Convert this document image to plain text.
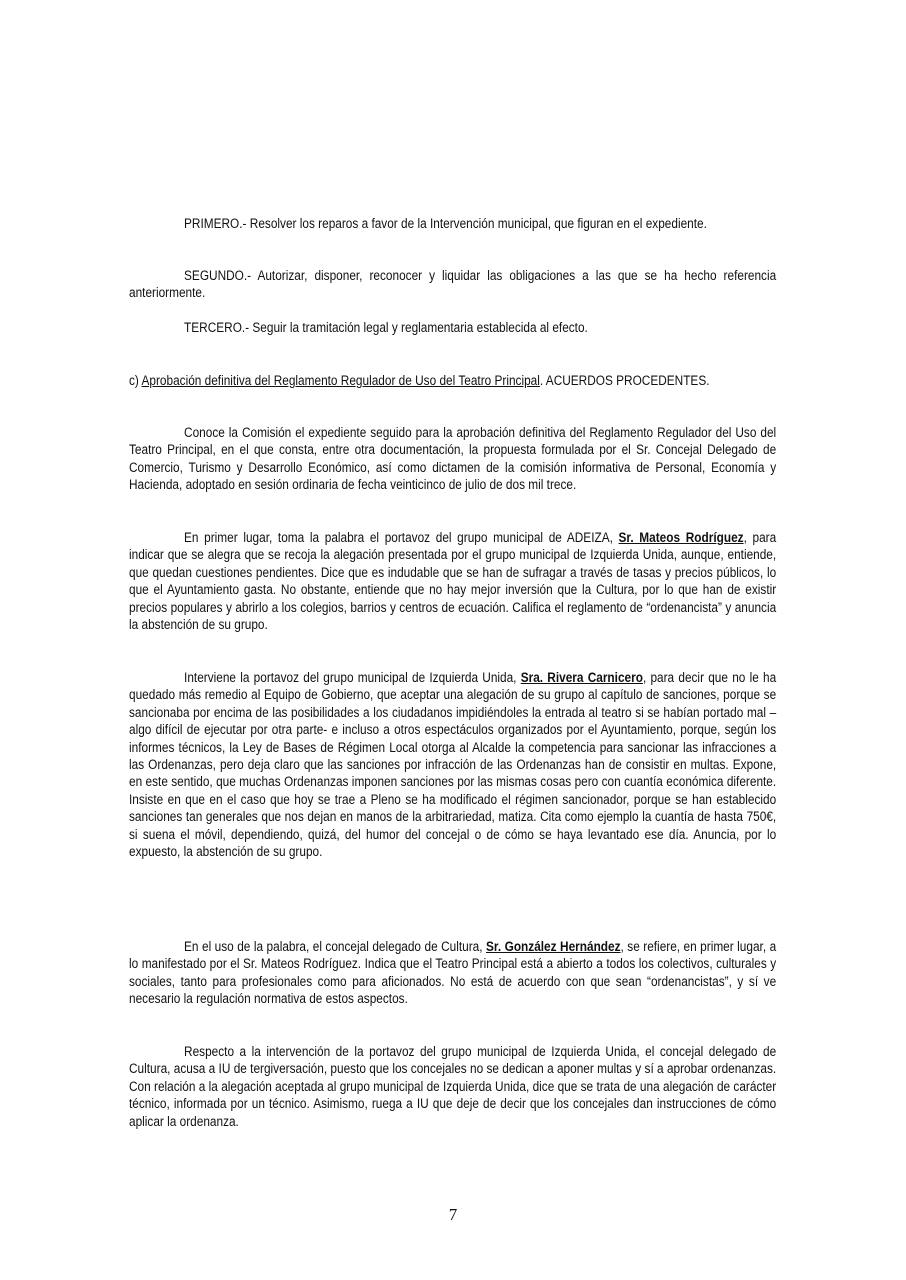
PRIMERO.- Resolver los reparos a favor de la Intervención municipal, que figuran en el expediente.
SEGUNDO.- Autorizar, disponer, reconocer y liquidar las obligaciones a las que se ha hecho referencia anteriormente.
TERCERO.- Seguir la tramitación legal y reglamentaria establecida al efecto.
c) Aprobación definitiva del Reglamento Regulador de Uso del Teatro Principal. ACUERDOS PROCEDENTES.
Conoce la Comisión el expediente seguido para la aprobación definitiva del Reglamento Regulador del Uso del Teatro Principal, en el que consta, entre otra documentación, la propuesta formulada por el Sr. Concejal Delegado de Comercio, Turismo y Desarrollo Económico, así como dictamen de la comisión informativa de Personal, Economía y Hacienda, adoptado en sesión ordinaria de fecha veinticinco de julio de dos mil trece.
En primer lugar, toma la palabra el portavoz del grupo municipal de ADEIZA, Sr. Mateos Rodríguez, para indicar que se alegra que se recoja la alegación presentada por el grupo municipal de Izquierda Unida, aunque, entiende, que quedan cuestiones pendientes. Dice que es indudable que se han de sufragar a través de tasas y precios públicos, lo que el Ayuntamiento gasta. No obstante, entiende que no hay mejor inversión que la Cultura, por lo que han de existir precios populares y abrirlo a los colegios, barrios y centros de ecuación. Califica el reglamento de “ordenancista” y anuncia la abstención de su grupo.
Interviene la portavoz del grupo municipal de Izquierda Unida, Sra. Rivera Carnicero, para decir que no le ha quedado más remedio al Equipo de Gobierno, que aceptar una alegación de su grupo al capítulo de sanciones, porque se sancionaba por encima de las posibilidades a los ciudadanos impidiéndoles la entrada al teatro si se habían portado mal –algo difícil de ejecutar por otra parte- e incluso a otros espectáculos organizados por el Ayuntamiento, porque, según los informes técnicos, la Ley de Bases de Régimen Local otorga al Alcalde la competencia para sancionar las infracciones a las Ordenanzas, pero deja claro que las sanciones por infracción de las Ordenanzas han de consistir en multas. Expone, en este sentido, que muchas Ordenanzas imponen sanciones por las mismas cosas pero con cuantía económica diferente. Insiste en que en el caso que hoy se trae a Pleno se ha modificado el régimen sancionador, porque se han establecido sanciones tan generales que nos dejan en manos de la arbitrariedad, matiza. Cita como ejemplo la cuantía de hasta 750€, si suena el móvil, dependiendo, quizá, del humor del concejal o de cómo se haya levantado ese día. Anuncia, por lo expuesto, la abstención de su grupo.
En el uso de la palabra, el concejal delegado de Cultura, Sr. González Hernández, se refiere, en primer lugar, a lo manifestado por el Sr. Mateos Rodríguez. Indica que el Teatro Principal está a abierto a todos los colectivos, culturales y sociales, tanto para profesionales como para aficionados. No está de acuerdo con que sean “ordenancistas”, y sí ve necesario la regulación normativa de estos aspectos.
Respecto a la intervención de la portavoz del grupo municipal de Izquierda Unida, el concejal delegado de Cultura, acusa a IU de tergiversación, puesto que los concejales no se dedican a aponer multas y sí a aprobar ordenanzas. Con relación a la alegación aceptada al grupo municipal de Izquierda Unida, dice que se trata de una alegación de carácter técnico, informada por un técnico. Asimismo, ruega a IU que deje de decir que los concejales dan instrucciones de cómo aplicar la ordenanza.
7
